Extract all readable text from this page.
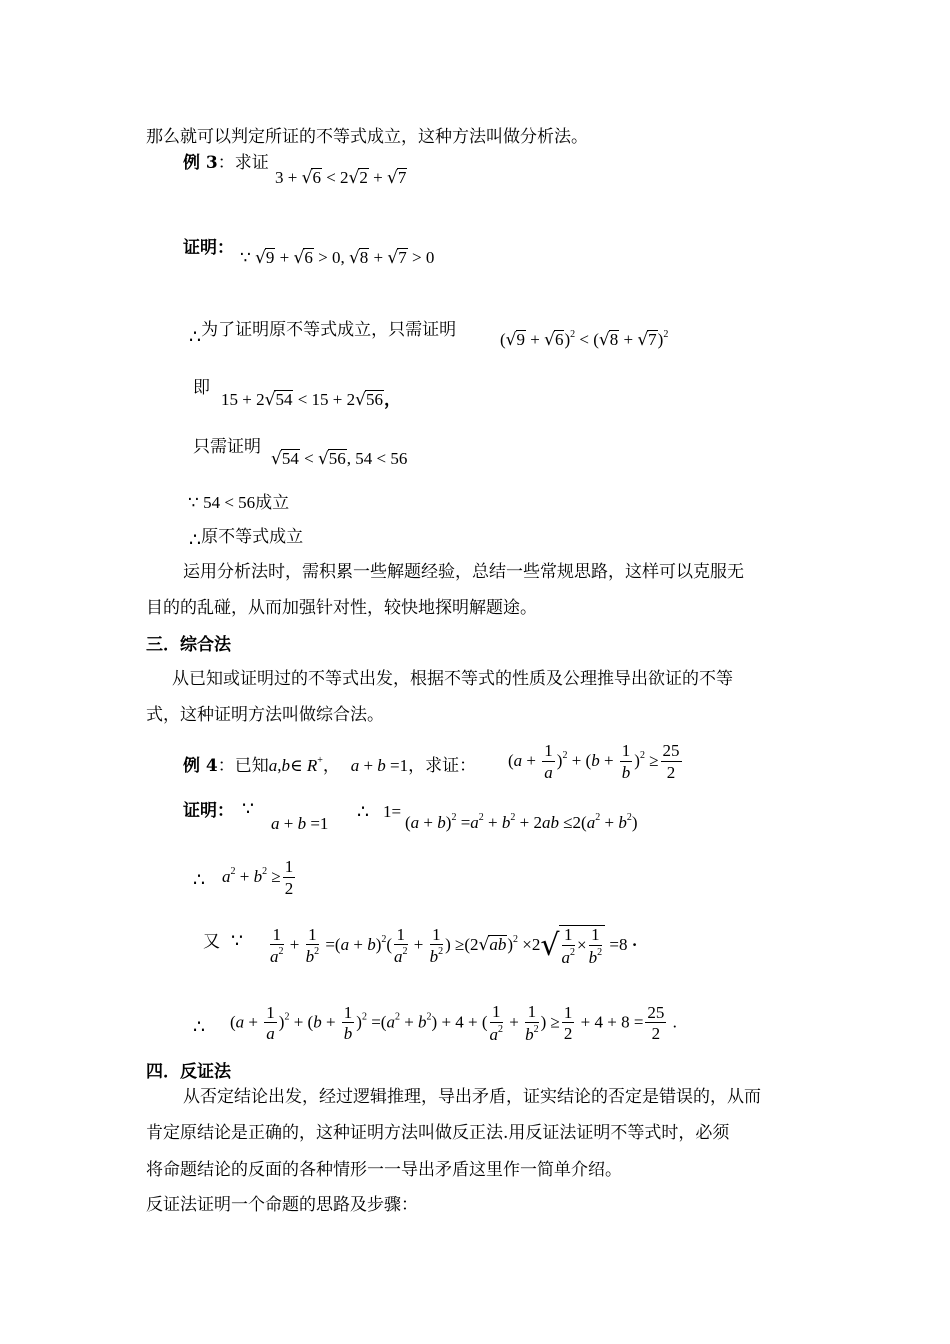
那么就可以判定所证的不等式成立，这种方法叫做分析法。
例 3：求证
3 + √6 < 2√2 + √7
证明： ∵ √9 + √6 > 0, √8 + √7 > 0
∴为了证明原不等式成立，只需证明	$(√9 + √6)^2 < (√8 + √7)^2$
即
15 + 2√54 < 15 + 2√56，
只需证明
√54 < √56, 54 < 56
∵ 54 < 56成立
∴原不等式成立
运用分析法时，需积累一些解题经验，总结一些常规思路，这样可以克服无
目的的乱碰，从而加强针对性，较快地探明解题途。
三．综合法
从已知或证明过的不等式出发，根据不等式的性质及公理推导出欲证的不等
式，这种证明方法叫做综合法。
例 4：已知a,b∈ R+， a + b =1，求证： $(a + \frac{1}{a} )^2 + (b + \frac{1}{b} )^2 \ge \frac{25}{2}$
证明： ∵
a + b =1
∴ 1=
$(a + b)^2 =a^2 + b^2 + 2ab \le 2(a^2 + b^2)$
∴ $a^2 + b^2 \ge \frac{1}{2}$
又 ∵ $\frac{1}{a^2} + \frac{1}{b^2} =(a + b)^2( \frac{1}{a^2} + \frac{1}{b^2}$ ) $\ge(2√ab)^2 \times 2√ \frac{1}{a^2} \times \frac{1}{b^2} =8$ ·
∴ $(a + \frac{1}{a} )^2 + (b + \frac{1}{b} )^2 =(a^2 + b^2) + 4$ + ( $\frac{1}{a^2} + \frac{1}{b^2}$ ) ≥ $\frac{1}{2} + 4 + 8 = \frac{25}{2}$ .
四．反证法
从否定结论出发，经过逻辑推理，导出矛盾，证实结论的否定是错误的，从而
肯定原结论是正确的，这种证明方法叫做反正法.用反证法证明不等式时，必须
将命题结论的反面的各种情形一一导出矛盾这里作一简单介绍。
反证法证明一个命题的思路及步骤：
